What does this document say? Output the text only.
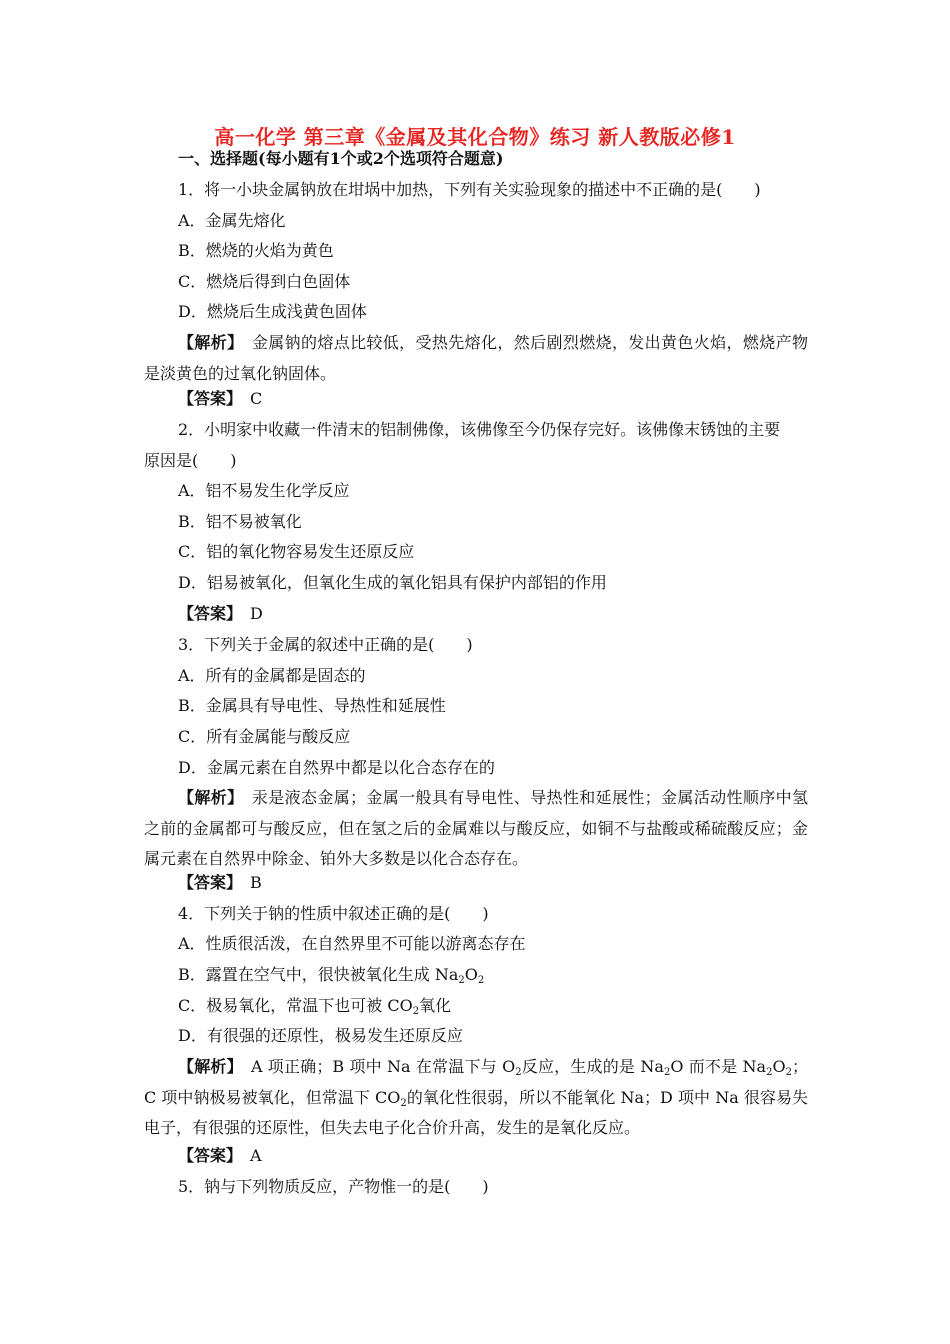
高一化学 第三章《金属及其化合物》练习 新人教版必修1
一、选择题(每小题有1个或2个选项符合题意)
1．将一小块金属钠放在坩埚中加热，下列有关实验现象的描述中不正确的是(　　)
A．金属先熔化
B．燃烧的火焰为黄色
C．燃烧后得到白色固体
D．燃烧后生成浅黄色固体
【解析】　 金属钠的熔点比较低，受热先熔化，然后剧烈燃烧，发出黄色火焰，燃烧产物是淡黄色的过氧化钠固体。
【答案】　 C
2．小明家中收藏一件清末的铝制佛像，该佛像至今仍保存完好。该佛像末锈蚀的主要
原因是(　　)
A．铝不易发生化学反应
B．铝不易被氧化
C．铝的氧化物容易发生还原反应
D．铝易被氧化，但氧化生成的氧化铝具有保护内部铝的作用
【答案】　 D
3．下列关于金属的叙述中正确的是(　　)
A．所有的金属都是固态的
B．金属具有导电性、导热性和延展性
C．所有金属能与酸反应
D．金属元素在自然界中都是以化合态存在的
【解析】　 汞是液态金属；金属一般具有导电性、导热性和延展性；金属活动性顺序中氢之前的金属都可与酸反应，但在氢之后的金属难以与酸反应，如铜不与盐酸或稀硫酸反应；金属元素在自然界中除金、铂外大多数是以化合态存在。
【答案】　 B
4．下列关于钠的性质中叙述正确的是(　　)
A．性质很活泼，在自然界里不可能以游离态存在
B．露置在空气中，很快被氧化生成 $Na_2O_2$
C．极易氧化，常温下也可被 $CO_2$氧化
D．有很强的还原性，极易发生还原反应
【解析】　 A 项正确；B 项中 Na 在常温下与 $O_2$反应，生成的是 $Na_2O$ 而不是 $Na_2O_2$；C 项中钠极易被氧化，但常温下 $CO_2$的氧化性很弱，所以不能氧化 Na；D 项中 Na 很容易失电子，有很强的还原性，但失去电子化合价升高，发生的是氧化反应。
【答案】　 A
5．钠与下列物质反应，产物惟一的是(　　)
